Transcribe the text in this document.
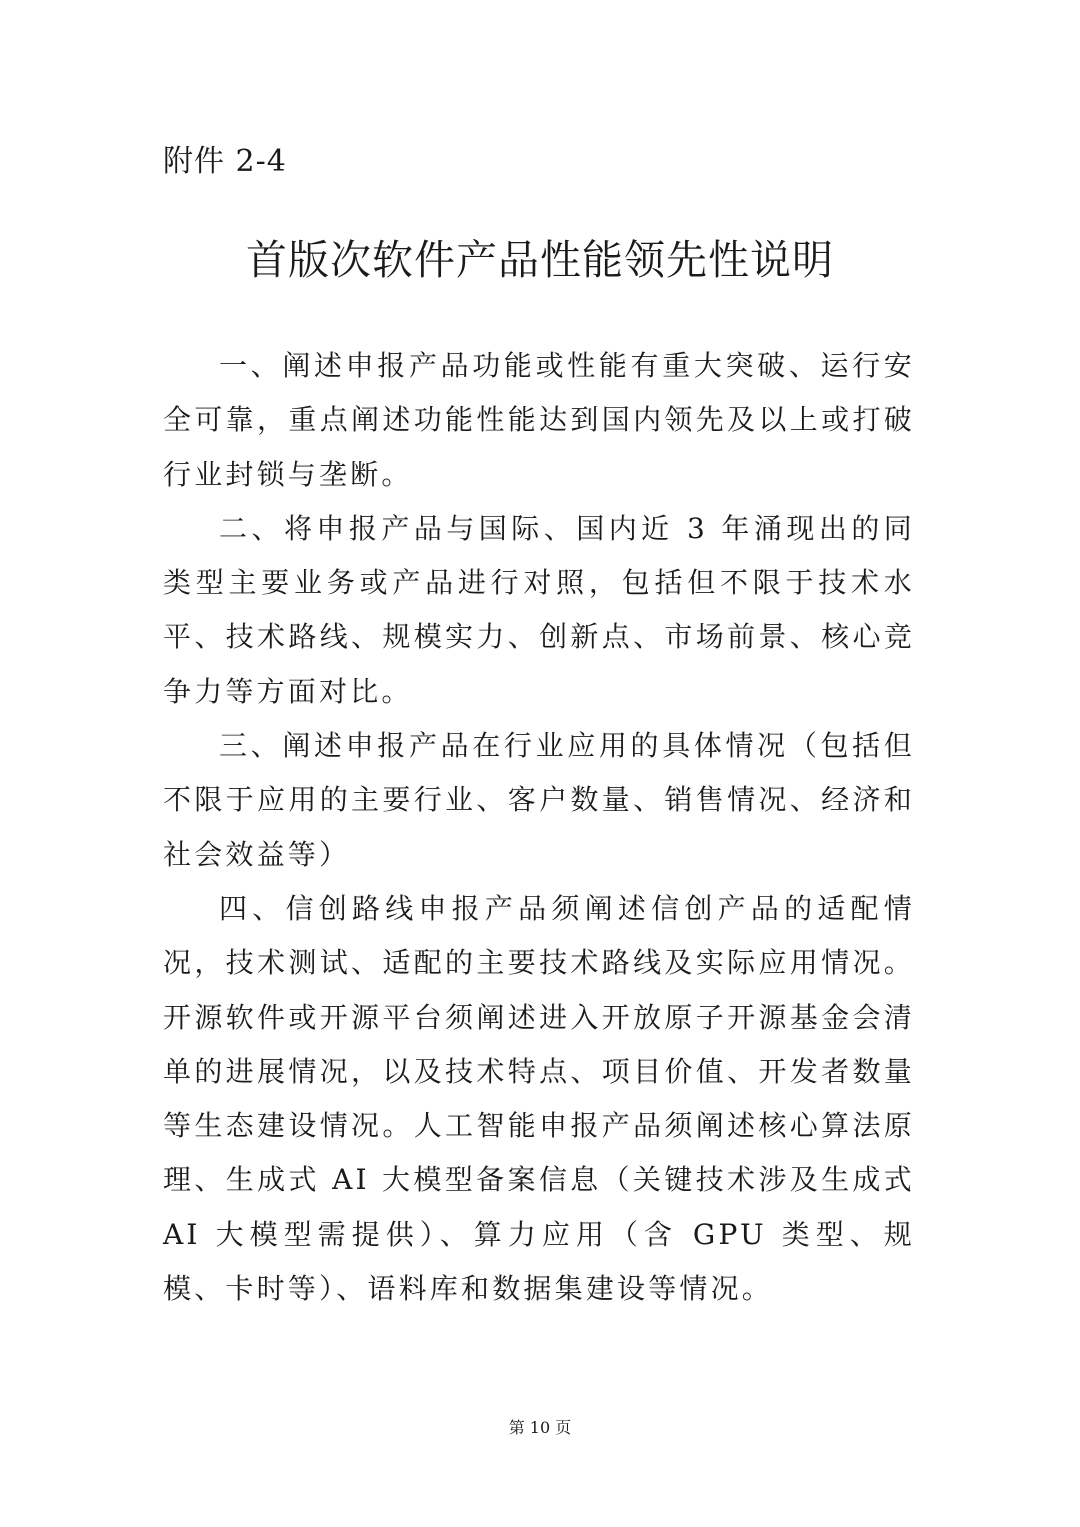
附件 2-4
首版次软件产品性能领先性说明

一、阐述申报产品功能或性能有重大突破、运行安全可靠，重点阐述功能性能达到国内领先及以上或打破行业封锁与垄断。

二、将申报产品与国际、国内近 3 年涌现出的同类型主要业务或产品进行对照，包括但不限于技术水平、技术路线、规模实力、创新点、市场前景、核心竞争力等方面对比。

三、阐述申报产品在行业应用的具体情况（包括但不限于应用的主要行业、客户数量、销售情况、经济和社会效益等）

四、信创路线申报产品须阐述信创产品的适配情况，技术测试、适配的主要技术路线及实际应用情况。开源软件或开源平台须阐述进入开放原子开源基金会清单的进展情况，以及技术特点、项目价值、开发者数量等生态建设情况。人工智能申报产品须阐述核心算法原理、生成式 AI 大模型备案信息（关键技术涉及生成式 AI 大模型需提供）、算力应用（含 GPU 类型、规模、卡时等）、语料库和数据集建设等情况。

第 10 页
